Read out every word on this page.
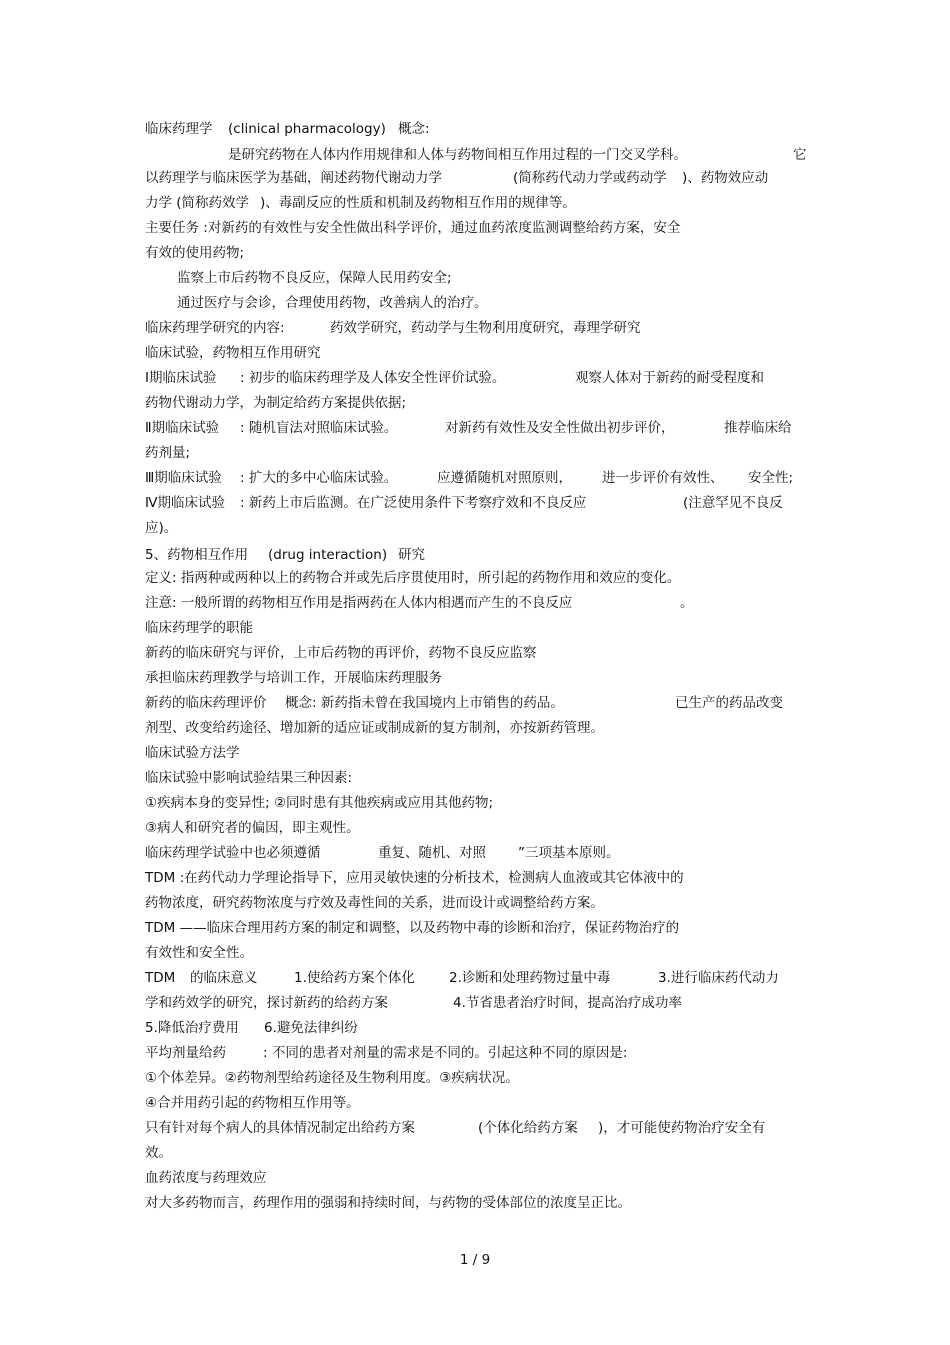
临床药理学 (clinical pharmacology) 概念:
是研究药物在人体内作用规律和人体与药物间相互作用过程的一门交叉学科。	它
以药理学与临床医学为基础，阐述药物代谢动力学	(简称药代动力学或药动学 )、药物效应动
力学 (简称药效学 )、毒副反应的性质和机制及药物相互作用的规律等。
主要任务 :对新药的有效性与安全性做出科学评价，通过血药浓度监测调整给药方案，安全
有效的使用药物;
监察上市后药物不良反应，保障人民用药安全;
通过医疗与会诊，合理使用药物，改善病人的治疗。
临床药理学研究的内容:	药效学研究，药动学与生物利用度研究，毒理学研究
临床试验，药物相互作用研究
Ⅰ期临床试验 : 初步的临床药理学及人体安全性评价试验。	观察人体对于新药的耐受程度和
药物代谢动力学，为制定给药方案提供依据;
Ⅱ期临床试验 : 随机盲法对照临床试验。	对新药有效性及安全性做出初步评价，	推荐临床给
药剂量;
Ⅲ期临床试验 : 扩大的多中心临床试验。	应遵循随机对照原则， 进一步评价有效性、 安全性;
Ⅳ期临床试验 : 新药上市后监测。在广泛使用条件下考察疗效和不良反应	(注意罕见不良反
应)。
5、药物相互作用 (drug interaction) 研究
定义: 指两种或两种以上的药物合并或先后序贯使用时，所引起的药物作用和效应的变化。
注意: 一般所谓的药物相互作用是指两药在人体内相遇而产生的不良反应	。
临床药理学的职能
新药的临床研究与评价，上市后药物的再评价，药物不良反应监察
承担临床药理教学与培训工作，开展临床药理服务
新药的临床药理评价 概念: 新药指未曾在我国境内上市销售的药品。	已生产的药品改变
剂型、改变给药途径、增加新的适应证或制成新的复方制剂，亦按新药管理。
临床试验方法学
临床试验中影响试验结果三种因素:
①疾病本身的变异性; ②同时患有其他疾病或应用其他药物;
③病人和研究者的偏因，即主观性。
临床药理学试验中也必须遵循	重复、随机、对照 ”三项基本原则。
TDM :在药代动力学理论指导下，应用灵敏快速的分析技术，检测病人血液或其它体液中的
药物浓度，研究药物浓度与疗效及毒性间的关系，进而设计或调整给药方案。
TDM ——临床合理用药方案的制定和调整，以及药物中毒的诊断和治疗，保证药物治疗的
有效性和安全性。
TDM 的临床意义	1.使给药方案个体化	2.诊断和处理药物过量中毒	3.进行临床药代动力
学和药效学的研究，探讨新药的给药方案	4.节省患者治疗时间，提高治疗成功率
5.降低治疗费用 6.避免法律纠纷
平均剂量给药	: 不同的患者对剂量的需求是不同的。引起这种不同的原因是:
①个体差异。②药物剂型给药途径及生物利用度。③疾病状况。
④合并用药引起的药物相互作用等。
只有针对每个病人的具体情况制定出给药方案	(个体化给药方案 )，才可能使药物治疗安全有
效。
血药浓度与药理效应
对大多药物而言，药理作用的强弱和持续时间，与药物的受体部位的浓度呈正比。
1 / 9
